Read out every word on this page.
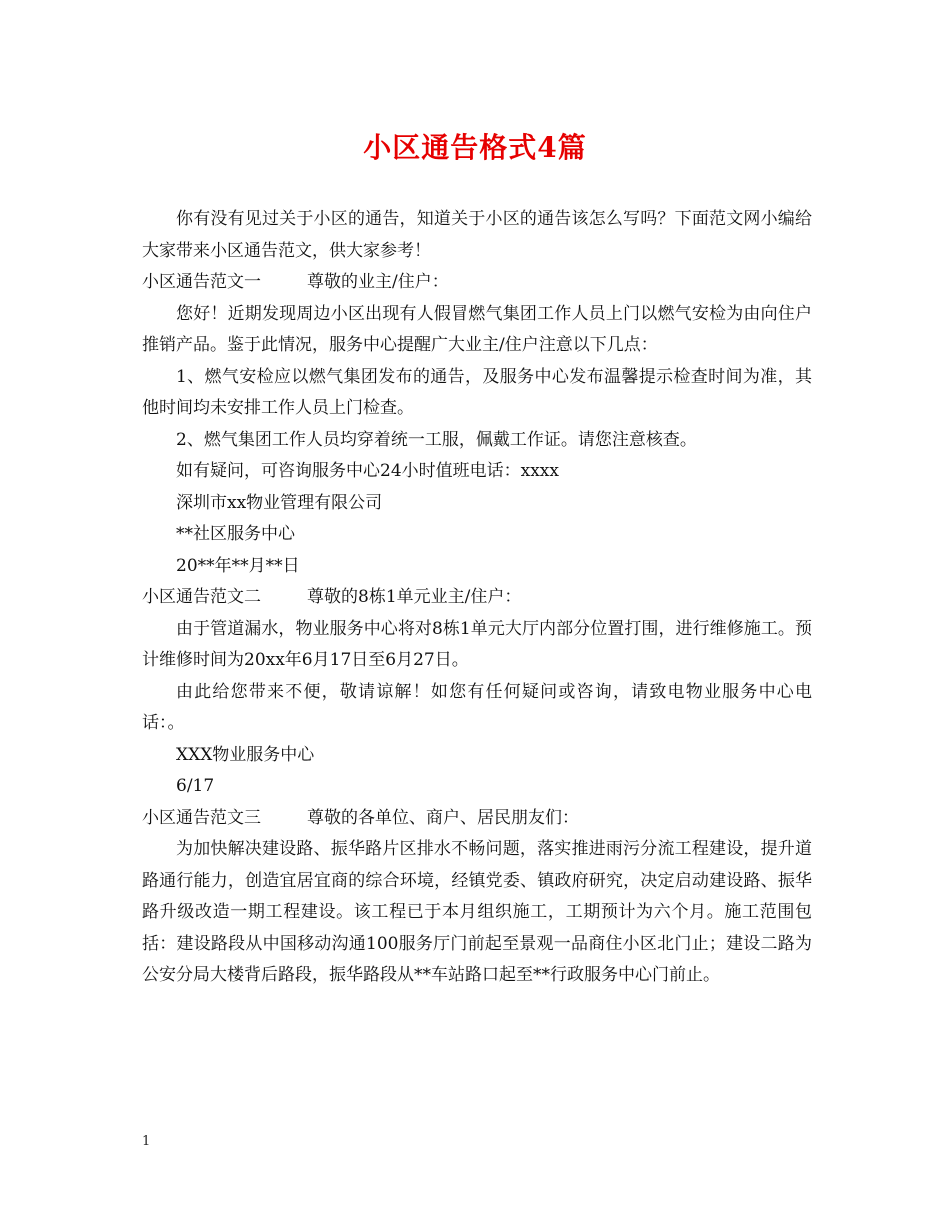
小区通告格式4篇

你有没有见过关于小区的通告，知道关于小区的通告该怎么写吗？下面范文网小编给大家带来小区通告范文，供大家参考！

小区通告范文一	尊敬的业主/住户：

您好！近期发现周边小区出现有人假冒燃气集团工作人员上门以燃气安检为由向住户推销产品。鉴于此情况，服务中心提醒广大业主/住户注意以下几点：

1、燃气安检应以燃气集团发布的通告，及服务中心发布温馨提示检查时间为准，其他时间均未安排工作人员上门检查。

2、燃气集团工作人员均穿着统一工服，佩戴工作证。请您注意核查。

如有疑问，可咨询服务中心24小时值班电话：xxxx

深圳市xx物业管理有限公司

**社区服务中心

20**年**月**日

小区通告范文二	尊敬的8栋1单元业主/住户：

由于管道漏水，物业服务中心将对8栋1单元大厅内部分位置打围，进行维修施工。预计维修时间为20xx年6月17日至6月27日。

由此给您带来不便，敬请谅解！如您有任何疑问或咨询，请致电物业服务中心电话：。

XXX物业服务中心

6/17

小区通告范文三	尊敬的各单位、商户、居民朋友们：

为加快解决建设路、振华路片区排水不畅问题，落实推进雨污分流工程建设，提升道路通行能力，创造宜居宜商的综合环境，经镇党委、镇政府研究，决定启动建设路、振华路升级改造一期工程建设。该工程已于本月组织施工，工期预计为六个月。施工范围包括：建设路段从中国移动沟通100服务厅门前起至景观一品商住小区北门止；建设二路为公安分局大楼背后路段，振华路段从**车站路口起至**行政服务中心门前止。

1
